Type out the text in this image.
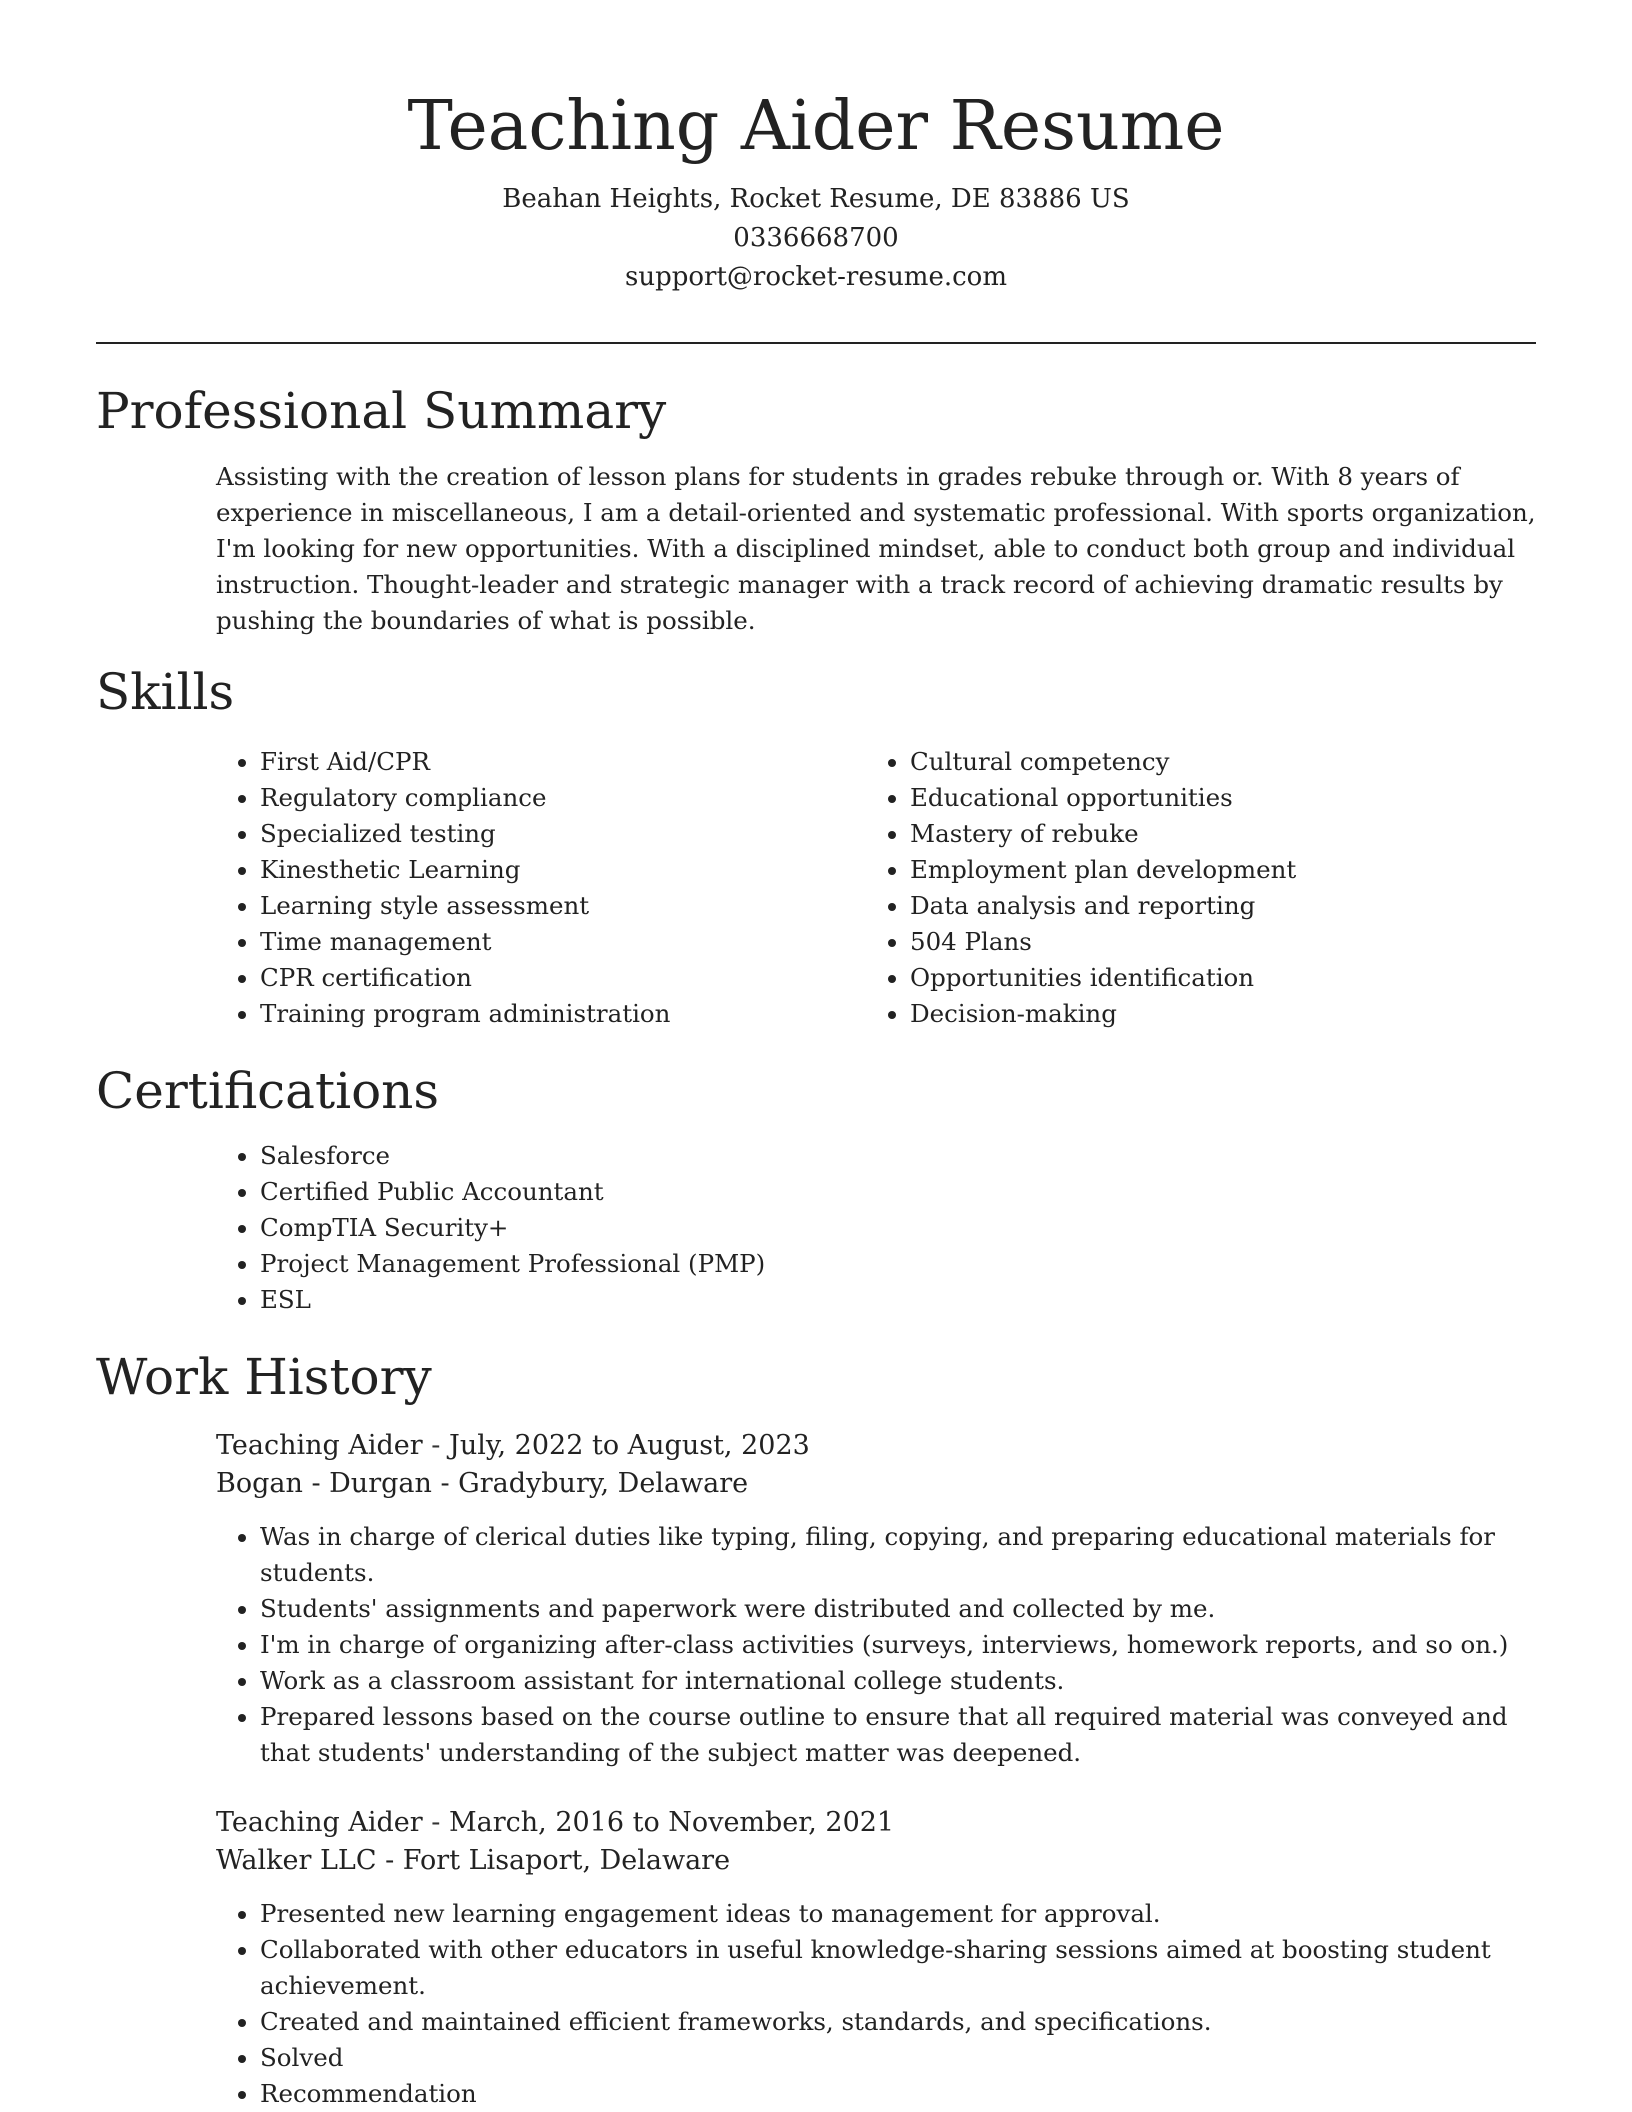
Teaching Aider Resume

Beahan Heights, Rocket Resume, DE 83886 US

0336668700

support@rocket-resume.com

Professional Summary

Assisting with the creation of lesson plans for students in grades rebuke through or. With 8 years of experience in miscellaneous, I am a detail-oriented and systematic professional. With sports organization, I'm looking for new opportunities. With a disciplined mindset, able to conduct both group and individual instruction. Thought-leader and strategic manager with a track record of achieving dramatic results by pushing the boundaries of what is possible.

Skills
• First Aid/CPR
• Regulatory compliance
• Specialized testing
• Kinesthetic Learning
• Learning style assessment
• Time management
• CPR certification
• Training program administration
• Cultural competency
• Educational opportunities
• Mastery of rebuke
• Employment plan development
• Data analysis and reporting
• 504 Plans
• Opportunities identification
• Decision-making
Certifications
• Salesforce
• Certified Public Accountant
• CompTIA Security+
• Project Management Professional (PMP)
• ESL
Work History

Teaching Aider - July, 2022 to August, 2023

Bogan - Durgan - Gradybury, Delaware

• Was in charge of clerical duties like typing, filing, copying, and preparing educational materials for students.
• Students' assignments and paperwork were distributed and collected by me.
• I'm in charge of organizing after-class activities (surveys, interviews, homework reports, and so on.)
• Work as a classroom assistant for international college students.
• Prepared lessons based on the course outline to ensure that all required material was conveyed and that students' understanding of the subject matter was deepened.

Teaching Aider - March, 2016 to November, 2021

Walker LLC - Fort Lisaport, Delaware

• Presented new learning engagement ideas to management for approval.
• Collaborated with other educators in useful knowledge-sharing sessions aimed at boosting student achievement.
• Created and maintained efficient frameworks, standards, and specifications.
• Solved
• Recommendation
